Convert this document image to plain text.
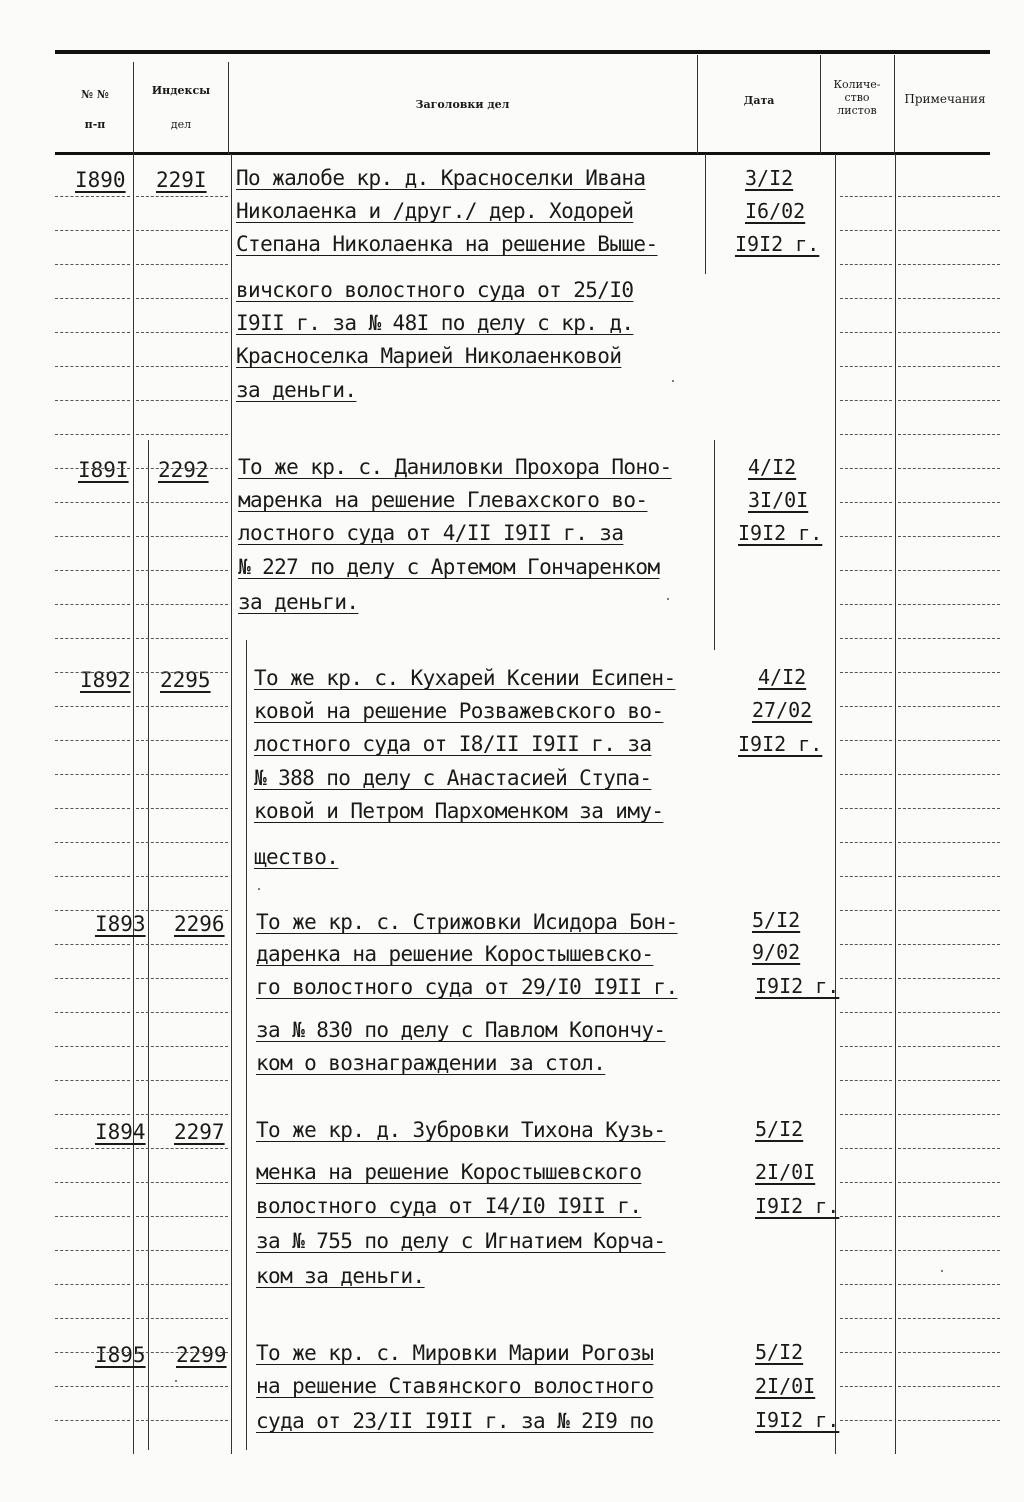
№ №
п-п
Индексы
дел
Заголовки дел	Дата
Количе-
ство
листов
Примечания
I890 229I По жалобе кр. д. Красноселки Ивана
Николаенка и /друг./ дер. Ходорей
Степана Николаенка на решение Выше-
вичского волостного суда от 25/I0
I9II г. за № 48I по делу с кр. д.
Красноселка Марией Николаенковой
за деньги.
3/I2
I6/02
I9I2 г.
I89I 2292 То же кр. с. Даниловки Прохора Поно-
маренка на решение Глевахского во-
лостного суда от 4/II I9II г. за
№ 227 по делу с Артемом Гончаренком
за деньги.
4/I2
3I/0I
I9I2 г.
I892 2295 То же кр. с. Кухарей Ксении Есипен-
ковой на решение Розважевского во-
лостного суда от I8/II I9II г. за
№ 388 по делу с Анастасией Ступа-
ковой и Петром Пархоменком за иму-
щество.
4/I2
27/02
I9I2 г.
I893 2296 То же кр. с. Стрижовки Исидора Бон-
даренка на решение Коростышевско-
го волостного суда от 29/I0 I9II г.
за № 830 по делу с Павлом Копончу-
ком о вознаграждении за стол.
5/I2
9/02
I9I2 г.
I894 2297 То же кр. д. Зубровки Тихона Кузь-
менка на решение Коростышевского
волостного суда от I4/I0 I9II г.
за № 755 по делу с Игнатием Корча-
ком за деньги.
5/I2
2I/0I
I9I2 г.
I895 2299 То же кр. с. Мировки Марии Рогозы
на решение Ставянского волостного
суда от 23/II I9II г. за № 2I9 по
5/I2
2I/0I
I9I2 г.
